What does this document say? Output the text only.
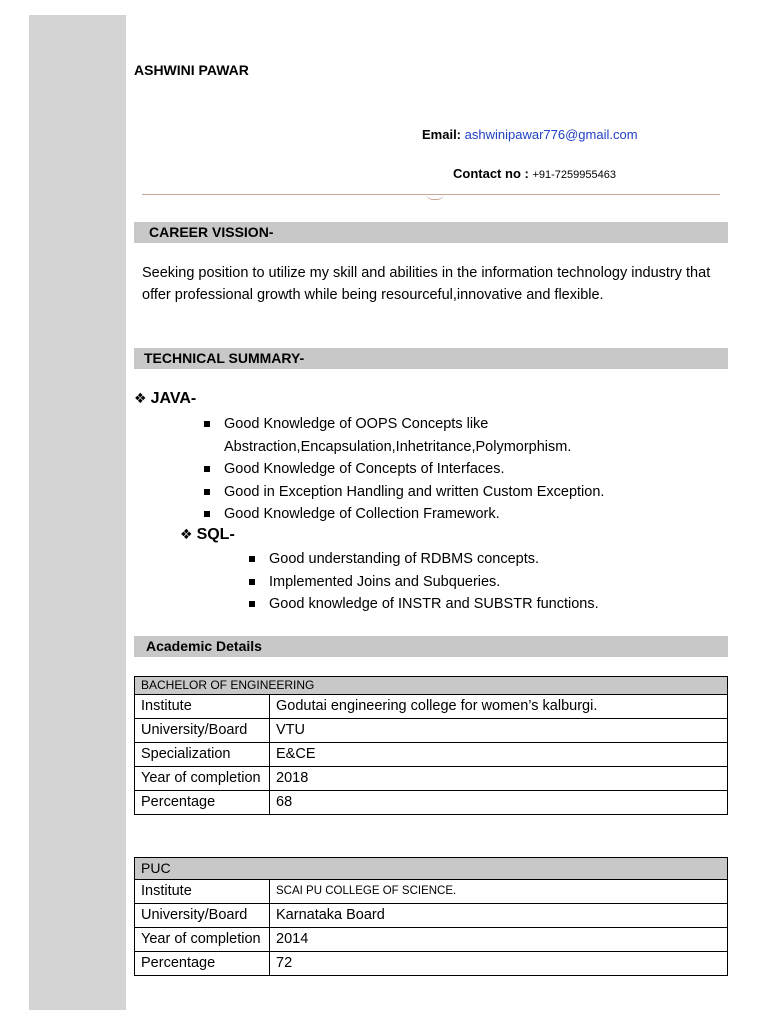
ASHWINI PAWAR
Email: ashwinipawar776@gmail.com
Contact no : +91-7259955463
CAREER VISSION-
Seeking position to utilize my skill and abilities in the information technology industry that offer professional growth while being resourceful,innovative and flexible.
TECHNICAL SUMMARY-
❖ JAVA-
Good Knowledge of OOPS Concepts like Abstraction,Encapsulation,Inhetritance,Polymorphism.
Good Knowledge of Concepts of Interfaces.
Good in Exception Handling and written Custom Exception.
Good Knowledge of Collection Framework.
❖ SQL-
Good understanding of RDBMS concepts.
Implemented Joins and Subqueries.
Good knowledge of INSTR and SUBSTR functions.
Academic Details
BACHELOR OF ENGINEERING	
Institute	Godutai engineering college for women’s kalburgi.
University/Board	VTU
Specialization	E&CE
Year of completion	2018
Percentage	68
PUC	
Institute	SCAI PU COLLEGE OF SCIENCE.
University/Board	Karnataka Board
Year of completion	2014
Percentage	72
